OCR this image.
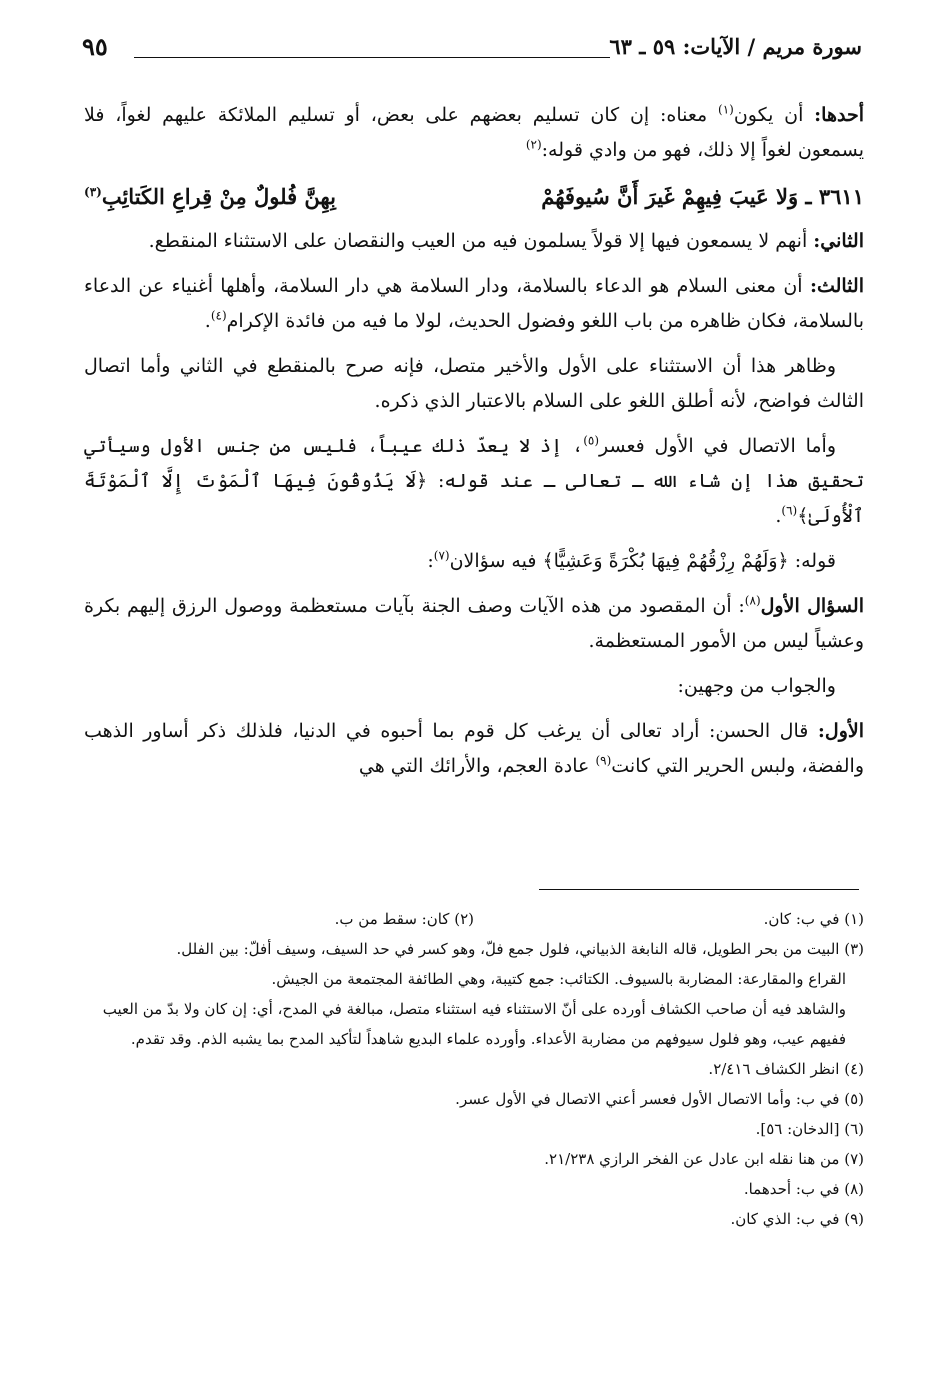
سورة مريم / الآيات: ٥٩ ـ ٦٣
٩٥

أحدها: أن يكون$^{(١)}$ معناه: إن كان تسليم بعضهم على بعض، أو تسليم الملائكة عليهم لغواً، فلا يسمعون لغواً إلا ذلك، فهو من وادي قوله:$^{(٢)}$

٣٦١١ ـ وَلا عَيبَ فِيهِمْ غَيرَ أَنَّ سُيوفَهُمْ
بِهِنَّ فُلولٌ مِنْ قِراعِ الكَتائِبِ$^{(٣)}$

الثاني: أنهم لا يسمعون فيها إلا قولاً يسلمون فيه من العيب والنقصان على الاستثناء المنقطع.

الثالث: أن معنى السلام هو الدعاء بالسلامة، ودار السلامة هي دار السلامة، وأهلها أغنياء عن الدعاء بالسلامة، فكان ظاهره من باب اللغو وفضول الحديث، لولا ما فيه من فائدة الإكرام$^{(٤)}$.

وظاهر هذا أن الاستثناء على الأول والأخير متصل، فإنه صرح بالمنقطع في الثاني وأما اتصال الثالث فواضح، لأنه أطلق اللغو على السلام بالاعتبار الذي ذكره.

وأما الاتصال في الأول فعسر$^{(٥)}$، إذ لا يعدّ ذلك عيباً، فليس من جنس الأول وسيأتي تحقيق هذا إن شاء الله ـ تعالى ـ عند قوله: ﴿لَا يَذُوقُونَ فِيهَا ٱلْمَوْتَ إِلَّا ٱلْمَوْتَةَ ٱلْأُولَىٰ﴾$^{(٦)}$.

قوله: ﴿وَلَهُمْ رِزْقُهُمْ فِيهَا بُكْرَةً وَعَشِيًّا﴾ فيه سؤالان$^{(٧)}$:

السؤال الأول$^{(٨)}$: أن المقصود من هذه الآيات وصف الجنة بآيات مستعظمة ووصول الرزق إليهم بكرة وعشياً ليس من الأمور المستعظمة.

والجواب من وجهين:

الأول: قال الحسن: أراد تعالى أن يرغب كل قوم بما أحبوه في الدنيا، فلذلك ذكر أساور الذهب والفضة، ولبس الحرير التي كانت$^{(٩)}$ عادة العجم، والأرائك التي هي

(١) في ب: كان.

(٢) كان: سقط من ب.

(٣) البيت من بحر الطويل، قاله النابغة الذبياني، فلول جمع فلّ، وهو كسر في حد السيف، وسيف أفلّ: بين الفلل.

القراع والمقارعة: المضاربة بالسيوف. الكتائب: جمع كتيبة، وهي الطائفة المجتمعة من الجيش.

والشاهد فيه أن صاحب الكشاف أورده على أنّ الاستثناء فيه استثناء متصل، مبالغة في المدح، أي: إن كان ولا بدّ من العيب ففيهم عيب، وهو فلول سيوفهم من مضاربة الأعداء. وأورده علماء البديع شاهداً لتأكيد المدح بما يشبه الذم. وقد تقدم.

(٤) انظر الكشاف ٢/٤١٦.

(٥) في ب: وأما الاتصال الأول فعسر أعني الاتصال في الأول عسر.

(٦) [الدخان: ٥٦].

(٧) من هنا نقله ابن عادل عن الفخر الرازي ٢١/٢٣٨.

(٨) في ب: أحدهما.

(٩) في ب: الذي كان.
